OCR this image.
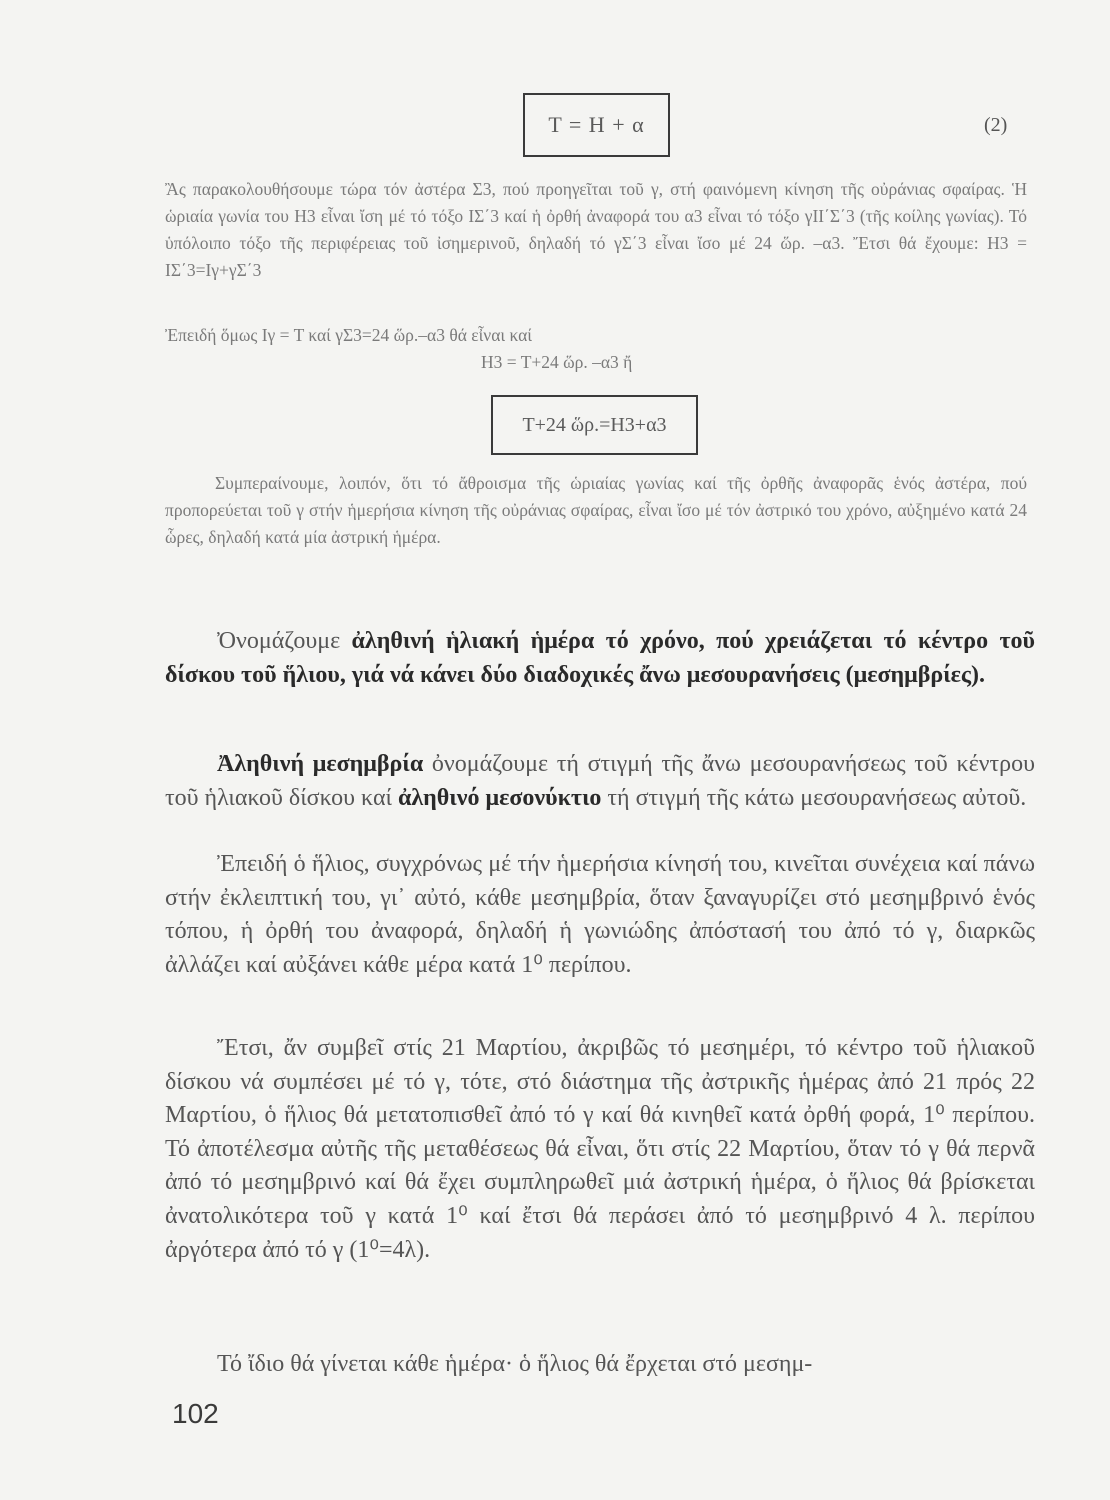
T = H + α	(2)
Ἂς παρακολουθήσουμε τώρα τόν ἀστέρα Σ3, πού προηγεῖται τοῦ γ, στή φαινόμενη κίνηση τῆς οὐράνιας σφαίρας. Ἡ ὡριαία γωνία του Η3 εἶναι ἴση μέ τό τόξο ΙΣ΄3 καί ἡ ὀρθή ἀναφορά του α3 εἶναι τό τόξο γΙΙ΄Σ΄3 (τῆς κοίλης γωνίας). Τό ὑπόλοιπο τόξο τῆς περιφέρειας τοῦ ἰσημερινοῦ, δηλαδή τό γΣ΄3 εἶναι ἴσο μέ 24 ὥρ. –α3. Ἔτσι θά ἔχουμε: Η3 = ΙΣ΄3=Ιγ+γΣ΄3
Ἐπειδή ὅμως Ιγ = Τ καί γΣ3=24 ὥρ.–α3 θά εἶναι καί
Η3 = Τ+24 ὥρ. –α3 ἤ
Τ+24 ὥρ.=Η3+α3
Συμπεραίνουμε, λοιπόν, ὅτι τό ἄθροισμα τῆς ὡριαίας γωνίας καί τῆς ὀρθῆς ἀναφορᾶς ἑνός ἀστέρα, πού προπορεύεται τοῦ γ στήν ἡμερήσια κίνηση τῆς οὐράνιας σφαίρας, εἶναι ἴσο μέ τόν ἀστρικό του χρόνο, αὐξημένο κατά 24 ὧρες, δηλαδή κατά μία ἀστρική ἡμέρα.

Ὀνομάζουμε ἀληθινή ἡλιακή ἡμέρα τό χρόνο, πού χρειάζεται τό κέντρο τοῦ δίσκου τοῦ ἥλιου, γιά νά κάνει δύο διαδοχικές ἄνω μεσουρανήσεις (μεσημβρίες).

Ἀληθινή μεσημβρία ὀνομάζουμε τή στιγμή τῆς ἄνω μεσουρανήσεως τοῦ κέντρου τοῦ ἡλιακοῦ δίσκου καί ἀληθινό μεσονύκτιο τή στιγμή τῆς κάτω μεσουρανήσεως αὐτοῦ.

Ἐπειδή ὁ ἥλιος, συγχρόνως μέ τήν ἡμερήσια κίνησή του, κινεῖται συνέχεια καί πάνω στήν ἐκλειπτική του, γι᾽ αὐτό, κάθε μεσημβρία, ὅταν ξαναγυρίζει στό μεσημβρινό ἑνός τόπου, ἡ ὀρθή του ἀναφορά, δηλαδή ἡ γωνιώδης ἀπόστασή του ἀπό τό γ, διαρκῶς ἀλλάζει καί αὐξάνει κάθε μέρα κατά 1⁰ περίπου.

Ἔτσι, ἄν συμβεῖ στίς 21 Μαρτίου, ἀκριβῶς τό μεσημέρι, τό κέντρο τοῦ ἡλιακοῦ δίσκου νά συμπέσει μέ τό γ, τότε, στό διάστημα τῆς ἀστρικῆς ἡμέρας ἀπό 21 πρός 22 Μαρτίου, ὁ ἥλιος θά μετατοπισθεῖ ἀπό τό γ καί θά κινηθεῖ κατά ὀρθή φορά, 1⁰ περίπου. Τό ἀποτέλεσμα αὐτῆς τῆς μεταθέσεως θά εἶναι, ὅτι στίς 22 Μαρτίου, ὅταν τό γ θά περνᾶ ἀπό τό μεσημβρινό καί θά ἔχει συμπληρωθεῖ μιά ἀστρική ἡμέρα, ὁ ἥλιος θά βρίσκεται ἀνατολικότερα τοῦ γ κατά 1⁰ καί ἔτσι θά περάσει ἀπό τό μεσημβρινό 4 λ. περίπου ἀργότερα ἀπό τό γ (1⁰=4λ).

Τό ἴδιο θά γίνεται κάθε ἡμέρα· ὁ ἥλιος θά ἔρχεται στό μεσημ-

102
